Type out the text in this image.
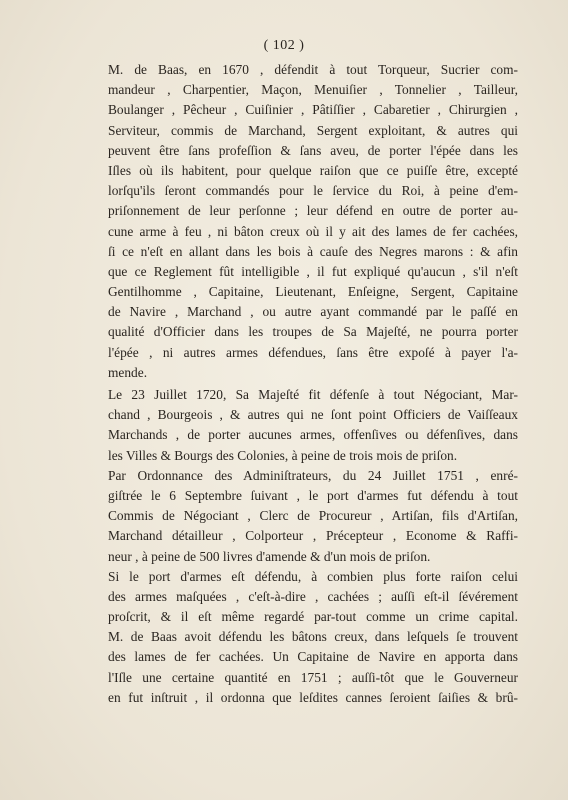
( 102 )
M. de Baas, en 1670 , défendit à tout Torqueur, Sucrier com-
mandeur , Charpentier, Maçon, Menuiſier , Tonnelier , Tailleur,
Boulanger , Pêcheur , Cuiſinier , Pâtiſſier , Cabaretier , Chirurgien ,
Serviteur, commis de Marchand, Sergent exploitant, & autres qui
peuvent être ſans profeſſion & ſans aveu, de porter l'épée dans les
Iſles où ils habitent, pour quelque raiſon que ce puiſſe être, excepté
lorſqu'ils ſeront commandés pour le ſervice du Roi, à peine d'em-
priſonnement de leur perſonne ; leur défend en outre de porter au-
cune arme à feu , ni bâton creux où il y ait des lames de fer cachées,
ſi ce n'eſt en allant dans les bois à cauſe des Negres marons : & afin
que ce Reglement fût intelligible , il fut expliqué qu'aucun , s'il n'eſt
Gentilhomme , Capitaine, Lieutenant, Enſeigne, Sergent, Capitaine
de Navire , Marchand , ou autre ayant commandé par le paſſé en
qualité d'Officier dans les troupes de Sa Majeſté, ne pourra porter
l'épée , ni autres armes défendues, ſans être expoſé à payer l'a-
mende.
Le 23 Juillet 1720, Sa Majeſté fit défenſe à tout Négociant, Mar-
chand , Bourgeois , & autres qui ne ſont point Officiers de Vaiſſeaux
Marchands , de porter aucunes armes, offenſives ou défenſives, dans
les Villes & Bourgs des Colonies, à peine de trois mois de priſon.
Par Ordonnance des Adminiſtrateurs, du 24 Juillet 1751 , enré-
giſtrée le 6 Septembre ſuivant , le port d'armes fut défendu à tout
Commis de Négociant , Clerc de Procureur , Artiſan, fils d'Artiſan,
Marchand détailleur , Colporteur , Précepteur , Econome & Raffi-
neur , à peine de 500 livres d'amende & d'un mois de priſon.
Si le port d'armes eſt défendu, à combien plus forte raiſon celui
des armes maſquées , c'eſt-à-dire , cachées ; auſſi eſt-il ſévérement
proſcrit, & il eſt même regardé par-tout comme un crime capital.
M. de Baas avoit défendu les bâtons creux, dans leſquels ſe trouvent
des lames de fer cachées. Un Capitaine de Navire en apporta dans
l'Iſle une certaine quantité en 1751 ; auſſi-tôt que le Gouverneur
en fut inſtruit , il ordonna que leſdites cannes ſeroient ſaiſies & brû-
